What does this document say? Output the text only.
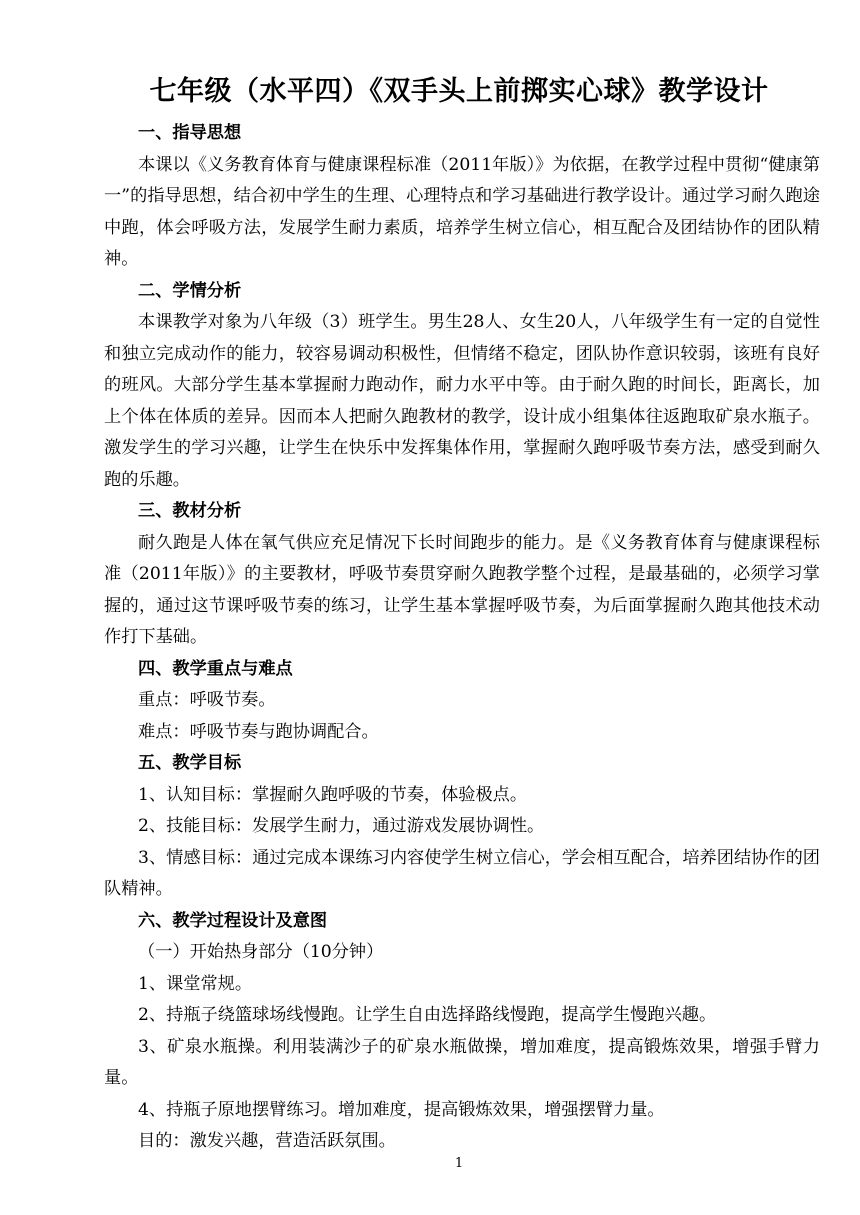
七年级（水平四）《双手头上前掷实心球》教学设计
一、指导思想
本课以《义务教育体育与健康课程标准（2011年版）》为依据，在教学过程中贯彻“健康第一”的指导思想，结合初中学生的生理、心理特点和学习基础进行教学设计。通过学习耐久跑途中跑，体会呼吸方法，发展学生耐力素质，培养学生树立信心，相互配合及团结协作的团队精神。
二、学情分析
本课教学对象为八年级（3）班学生。男生28人、女生20人，八年级学生有一定的自觉性和独立完成动作的能力，较容易调动积极性，但情绪不稳定，团队协作意识较弱，该班有良好的班风。大部分学生基本掌握耐力跑动作，耐力水平中等。由于耐久跑的时间长，距离长，加上个体在体质的差异。因而本人把耐久跑教材的教学，设计成小组集体往返跑取矿泉水瓶子。激发学生的学习兴趣，让学生在快乐中发挥集体作用，掌握耐久跑呼吸节奏方法，感受到耐久跑的乐趣。
三、教材分析
耐久跑是人体在氧气供应充足情况下长时间跑步的能力。是《义务教育体育与健康课程标准（2011年版）》的主要教材，呼吸节奏贯穿耐久跑教学整个过程，是最基础的，必须学习掌握的，通过这节课呼吸节奏的练习，让学生基本掌握呼吸节奏，为后面掌握耐久跑其他技术动作打下基础。
四、教学重点与难点
重点：呼吸节奏。
难点：呼吸节奏与跑协调配合。
五、教学目标
1、认知目标：掌握耐久跑呼吸的节奏，体验极点。
2、技能目标：发展学生耐力，通过游戏发展协调性。
3、情感目标：通过完成本课练习内容使学生树立信心，学会相互配合，培养团结协作的团队精神。
六、教学过程设计及意图
（一）开始热身部分（10分钟）
1、课堂常规。
2、持瓶子绕篮球场线慢跑。让学生自由选择路线慢跑，提高学生慢跑兴趣。
3、矿泉水瓶操。利用装满沙子的矿泉水瓶做操，增加难度，提高锻炼效果，增强手臂力量。
4、持瓶子原地摆臂练习。增加难度，提高锻炼效果，增强摆臂力量。
目的：激发兴趣，营造活跃氛围。
1
